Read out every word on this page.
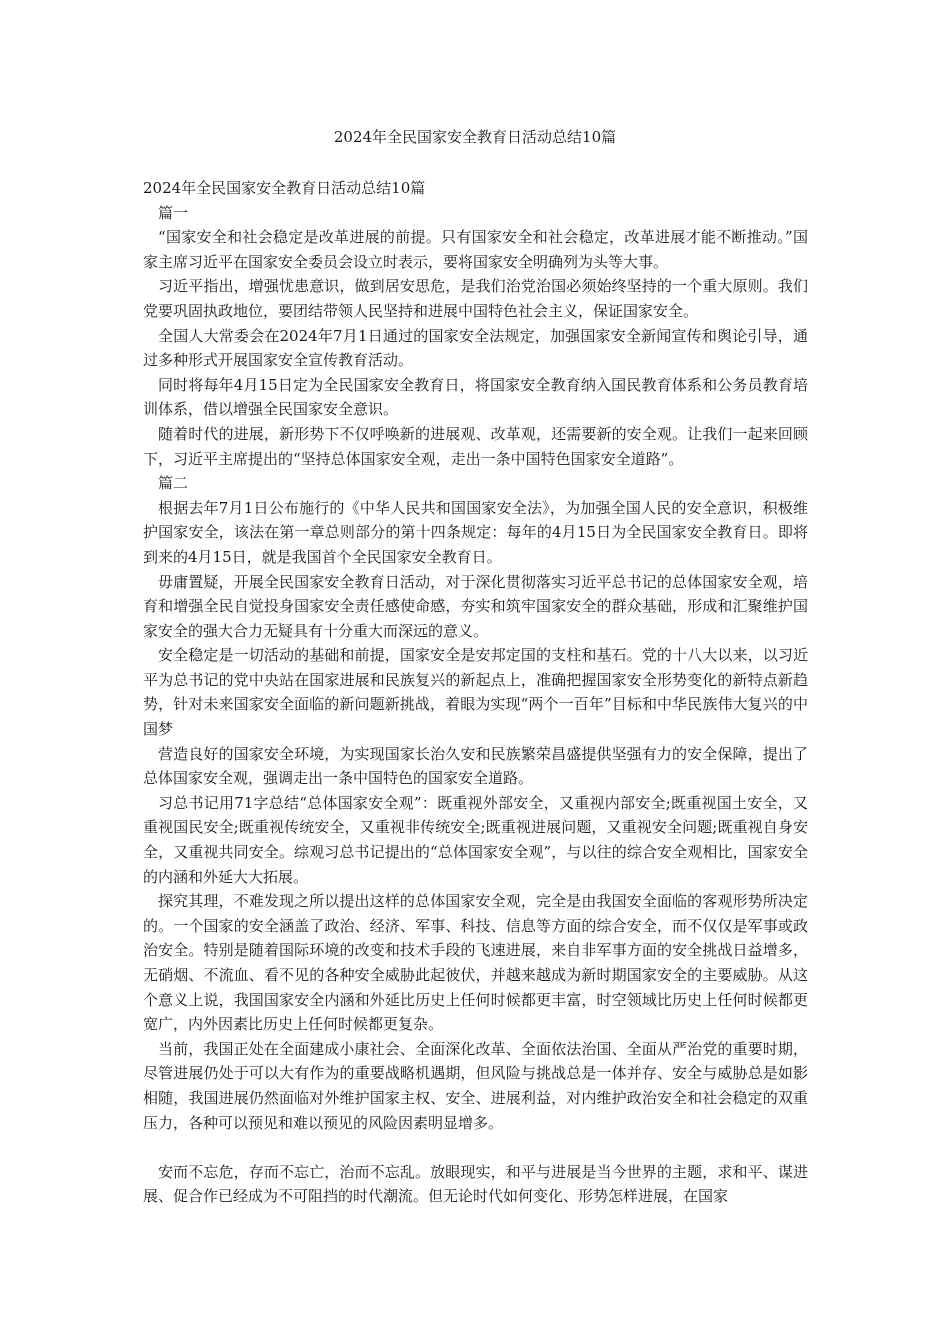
2024年全民国家安全教育日活动总结10篇

2024年全民国家安全教育日活动总结10篇

篇一

“国家安全和社会稳定是改革进展的前提。只有国家安全和社会稳定，改革进展才能不断推动。”国家主席习近平在国家安全委员会设立时表示，要将国家安全明确列为头等大事。

习近平指出，增强忧患意识，做到居安思危，是我们治党治国必须始终坚持的一个重大原则。我们党要巩固执政地位，要团结带领人民坚持和进展中国特色社会主义，保证国家安全。

全国人大常委会在2024年7月1日通过的国家安全法规定，加强国家安全新闻宣传和舆论引导，通过多种形式开展国家安全宣传教育活动。

同时将每年4月15日定为全民国家安全教育日，将国家安全教育纳入国民教育体系和公务员教育培训体系，借以增强全民国家安全意识。

随着时代的进展，新形势下不仅呼唤新的进展观、改革观，还需要新的安全观。让我们一起来回顾下，习近平主席提出的“坚持总体国家安全观，走出一条中国特色国家安全道路”。

篇二

根据去年7月1日公布施行的《中华人民共和国国家安全法》，为加强全国人民的安全意识，积极维护国家安全，该法在第一章总则部分的第十四条规定：每年的4月15日为全民国家安全教育日。即将到来的4月15日，就是我国首个全民国家安全教育日。

毋庸置疑，开展全民国家安全教育日活动，对于深化贯彻落实习近平总书记的总体国家安全观，培育和增强全民自觉投身国家安全责任感使命感，夯实和筑牢国家安全的群众基础，形成和汇聚维护国家安全的强大合力无疑具有十分重大而深远的意义。

安全稳定是一切活动的基础和前提，国家安全是安邦定国的支柱和基石。党的十八大以来，以习近平为总书记的党中央站在国家进展和民族复兴的新起点上，准确把握国家安全形势变化的新特点新趋势，针对未来国家安全面临的新问题新挑战，着眼为实现“两个一百年”目标和中华民族伟大复兴的中国梦

营造良好的国家安全环境，为实现国家长治久安和民族繁荣昌盛提供坚强有力的安全保障，提出了总体国家安全观，强调走出一条中国特色的国家安全道路。

习总书记用71字总结“总体国家安全观”：既重视外部安全，又重视内部安全;既重视国土安全，又重视国民安全;既重视传统安全，又重视非传统安全;既重视进展问题，又重视安全问题;既重视自身安全，又重视共同安全。综观习总书记提出的“总体国家安全观”，与以往的综合安全观相比，国家安全的内涵和外延大大拓展。

探究其理，不难发现之所以提出这样的总体国家安全观，完全是由我国安全面临的客观形势所决定的。一个国家的安全涵盖了政治、经济、军事、科技、信息等方面的综合安全，而不仅仅是军事或政治安全。特别是随着国际环境的改变和技术手段的飞速进展，来自非军事方面的安全挑战日益增多，无硝烟、不流血、看不见的各种安全威胁此起彼伏，并越来越成为新时期国家安全的主要威胁。从这个意义上说，我国国家安全内涵和外延比历史上任何时候都更丰富，时空领域比历史上任何时候都更宽广，内外因素比历史上任何时候都更复杂。

当前，我国正处在全面建成小康社会、全面深化改革、全面依法治国、全面从严治党的重要时期，尽管进展仍处于可以大有作为的重要战略机遇期，但风险与挑战总是一体并存、安全与威胁总是如影相随，我国进展仍然面临对外维护国家主权、安全、进展利益，对内维护政治安全和社会稳定的双重压力，各种可以预见和难以预见的风险因素明显增多。

安而不忘危，存而不忘亡，治而不忘乱。放眼现实，和平与进展是当今世界的主题，求和平、谋进展、促合作已经成为不可阻挡的时代潮流。但无论时代如何变化、形势怎样进展，在国家
